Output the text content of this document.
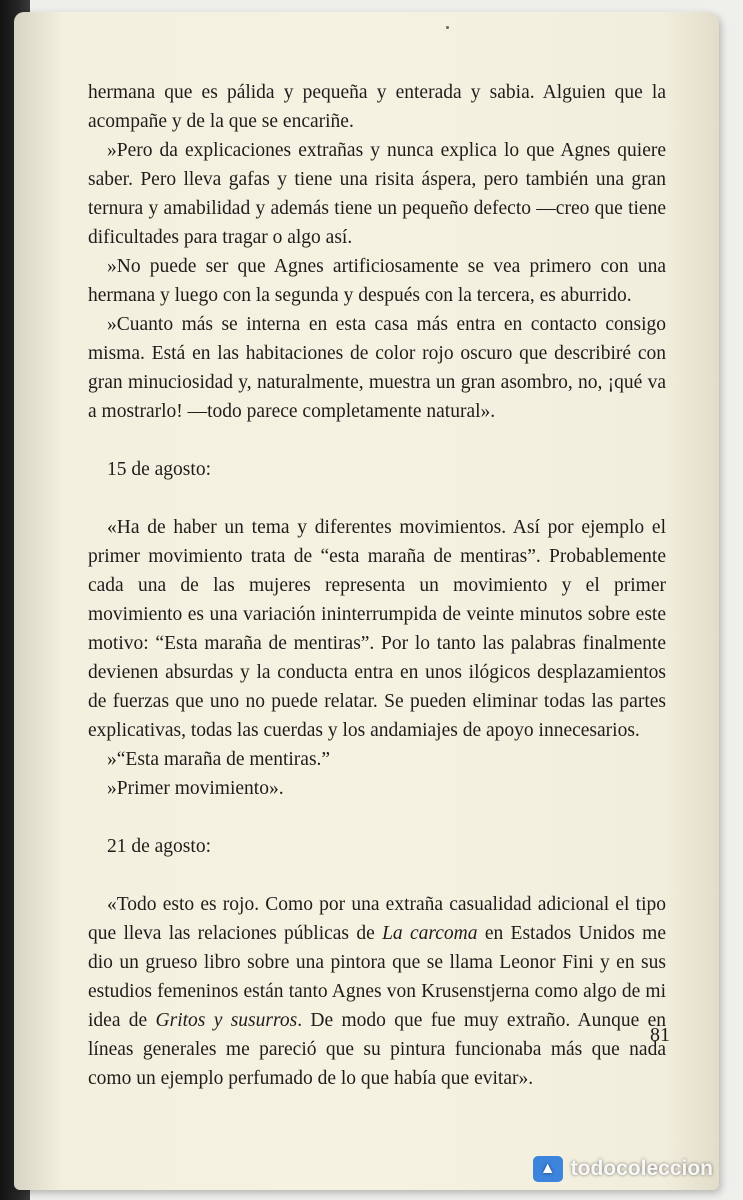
hermana que es pálida y pequeña y enterada y sabia. Alguien que la acompañe y de la que se encariñe.

»Pero da explicaciones extrañas y nunca explica lo que Agnes quiere saber. Pero lleva gafas y tiene una risita áspera, pero también una gran ternura y amabilidad y además tiene un pequeño defecto —creo que tiene dificultades para tragar o algo así.

»No puede ser que Agnes artificiosamente se vea primero con una hermana y luego con la segunda y después con la tercera, es aburrido.

»Cuanto más se interna en esta casa más entra en contacto consigo misma. Está en las habitaciones de color rojo oscuro que describiré con gran minuciosidad y, naturalmente, muestra un gran asombro, no, ¡qué va a mostrarlo! —todo parece completamente natural».

15 de agosto:

«Ha de haber un tema y diferentes movimientos. Así por ejemplo el primer movimiento trata de “esta maraña de mentiras”. Probablemente cada una de las mujeres representa un movimiento y el primer movimiento es una variación ininterrumpida de veinte minutos sobre este motivo: “Esta maraña de mentiras”. Por lo tanto las palabras finalmente devienen absurdas y la conducta entra en unos ilógicos desplazamientos de fuerzas que uno no puede relatar. Se pueden eliminar todas las partes explicativas, todas las cuerdas y los andamiajes de apoyo innecesarios.

»“Esta maraña de mentiras.”

»Primer movimiento».

21 de agosto:

«Todo esto es rojo. Como por una extraña casualidad adicional el tipo que lleva las relaciones públicas de La carcoma en Estados Unidos me dio un grueso libro sobre una pintora que se llama Leonor Fini y en sus estudios femeninos están tanto Agnes von Krusenstjerna como algo de mi idea de Gritos y susurros. De modo que fue muy extraño. Aunque en líneas generales me pareció que su pintura funcionaba más que nada como un ejemplo perfumado de lo que había que evitar».

81
▲ todocoleccion
